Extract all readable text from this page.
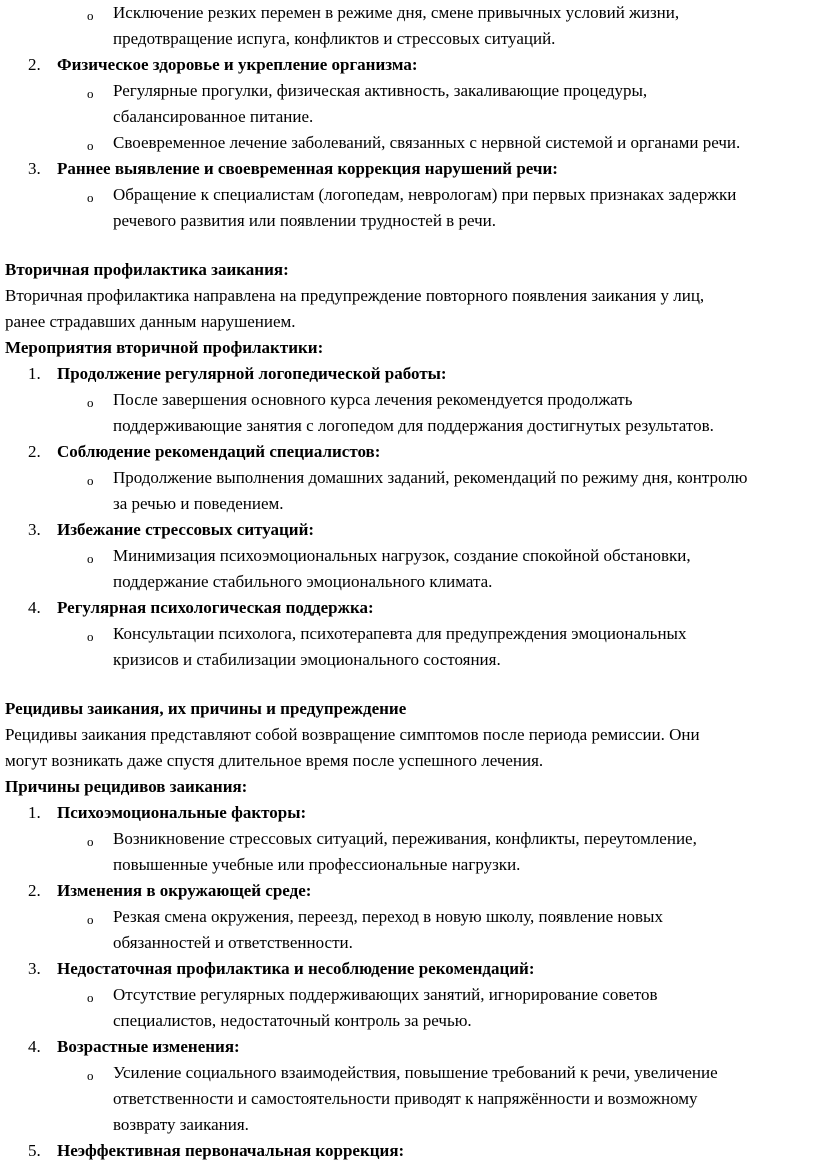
o Исключение резких перемен в режиме дня, смене привычных условий жизни,
предотвращение испуга, конфликтов и стрессовых ситуаций.
2. Физическое здоровье и укрепление организма:
o Регулярные прогулки, физическая активность, закаливающие процедуры,
сбалансированное питание.
o Своевременное лечение заболеваний, связанных с нервной системой и органами речи.
3. Раннее выявление и своевременная коррекция нарушений речи:
o Обращение к специалистам (логопедам, неврологам) при первых признаках задержки
речевого развития или появлении трудностей в речи.
Вторичная профилактика заикания:
Вторичная профилактика направлена на предупреждение повторного появления заикания у лиц,
ранее страдавших данным нарушением.
Мероприятия вторичной профилактики:
1. Продолжение регулярной логопедической работы:
o После завершения основного курса лечения рекомендуется продолжать
поддерживающие занятия с логопедом для поддержания достигнутых результатов.
2. Соблюдение рекомендаций специалистов:
o Продолжение выполнения домашних заданий, рекомендаций по режиму дня, контролю
за речью и поведением.
3. Избежание стрессовых ситуаций:
o Минимизация психоэмоциональных нагрузок, создание спокойной обстановки,
поддержание стабильного эмоционального климата.
4. Регулярная психологическая поддержка:
o Консультации психолога, психотерапевта для предупреждения эмоциональных
кризисов и стабилизации эмоционального состояния.
Рецидивы заикания, их причины и предупреждение
Рецидивы заикания представляют собой возвращение симптомов после периода ремиссии. Они
могут возникать даже спустя длительное время после успешного лечения.
Причины рецидивов заикания:
1. Психоэмоциональные факторы:
o Возникновение стрессовых ситуаций, переживания, конфликты, переутомление,
повышенные учебные или профессиональные нагрузки.
2. Изменения в окружающей среде:
o Резкая смена окружения, переезд, переход в новую школу, появление новых
обязанностей и ответственности.
3. Недостаточная профилактика и несоблюдение рекомендаций:
o Отсутствие регулярных поддерживающих занятий, игнорирование советов
специалистов, недостаточный контроль за речью.
4. Возрастные изменения:
o Усиление социального взаимодействия, повышение требований к речи, увеличение
ответственности и самостоятельности приводят к напряжённости и возможному
возврату заикания.
5. Неэффективная первоначальная коррекция:
